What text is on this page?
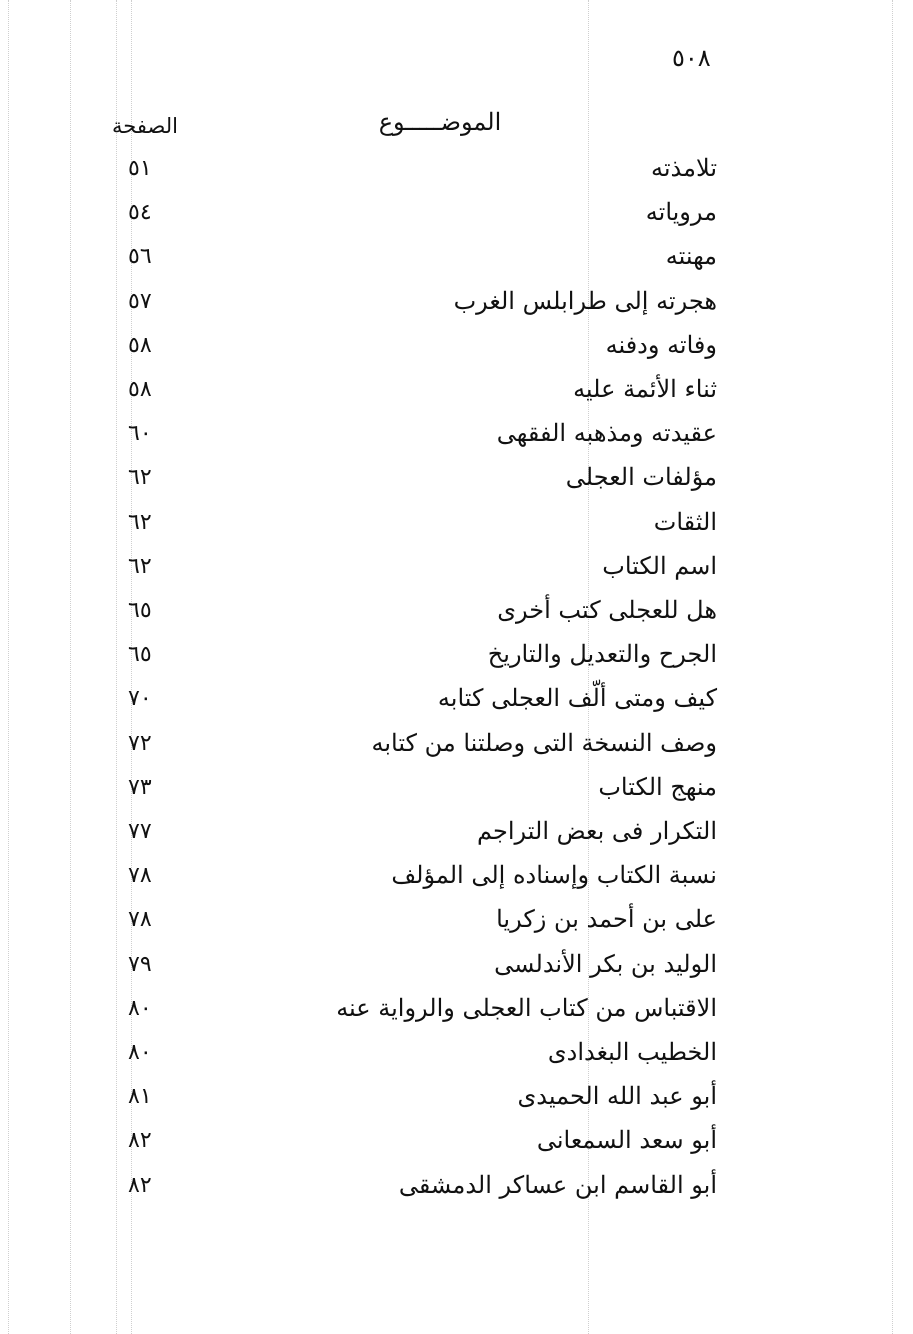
٥٠٨
الموضـــــوع
الصفحة
تلامذته
٥١
مروياته
٥٤
مهنته
٥٦
هجرته إلى طرابلس الغرب
٥٧
وفاته ودفنه
٥٨
ثناء الأئمة عليه
٥٨
عقيدته ومذهبه الفقهى
٦٠
مؤلفات العجلى
٦٢
الثقات
٦٢
اسم الكتاب
٦٢
هل للعجلى كتب أخرى
٦٥
الجرح والتعديل والتاريخ
٦٥
كيف ومتى ألّف العجلى كتابه
٧٠
وصف النسخة التى وصلتنا من كتابه
٧٢
منهج الكتاب
٧٣
التكرار فى بعض التراجم
٧٧
نسبة الكتاب وإسناده إلى المؤلف
٧٨
على بن أحمد بن زكريا
٧٨
الوليد بن بكر الأندلسى
٧٩
الاقتباس من كتاب العجلى والرواية عنه
٨٠
الخطيب البغدادى
٨٠
أبو عبد الله الحميدى
٨١
أبو سعد السمعانى
٨٢
أبو القاسم ابن عساكر الدمشقى
٨٢
